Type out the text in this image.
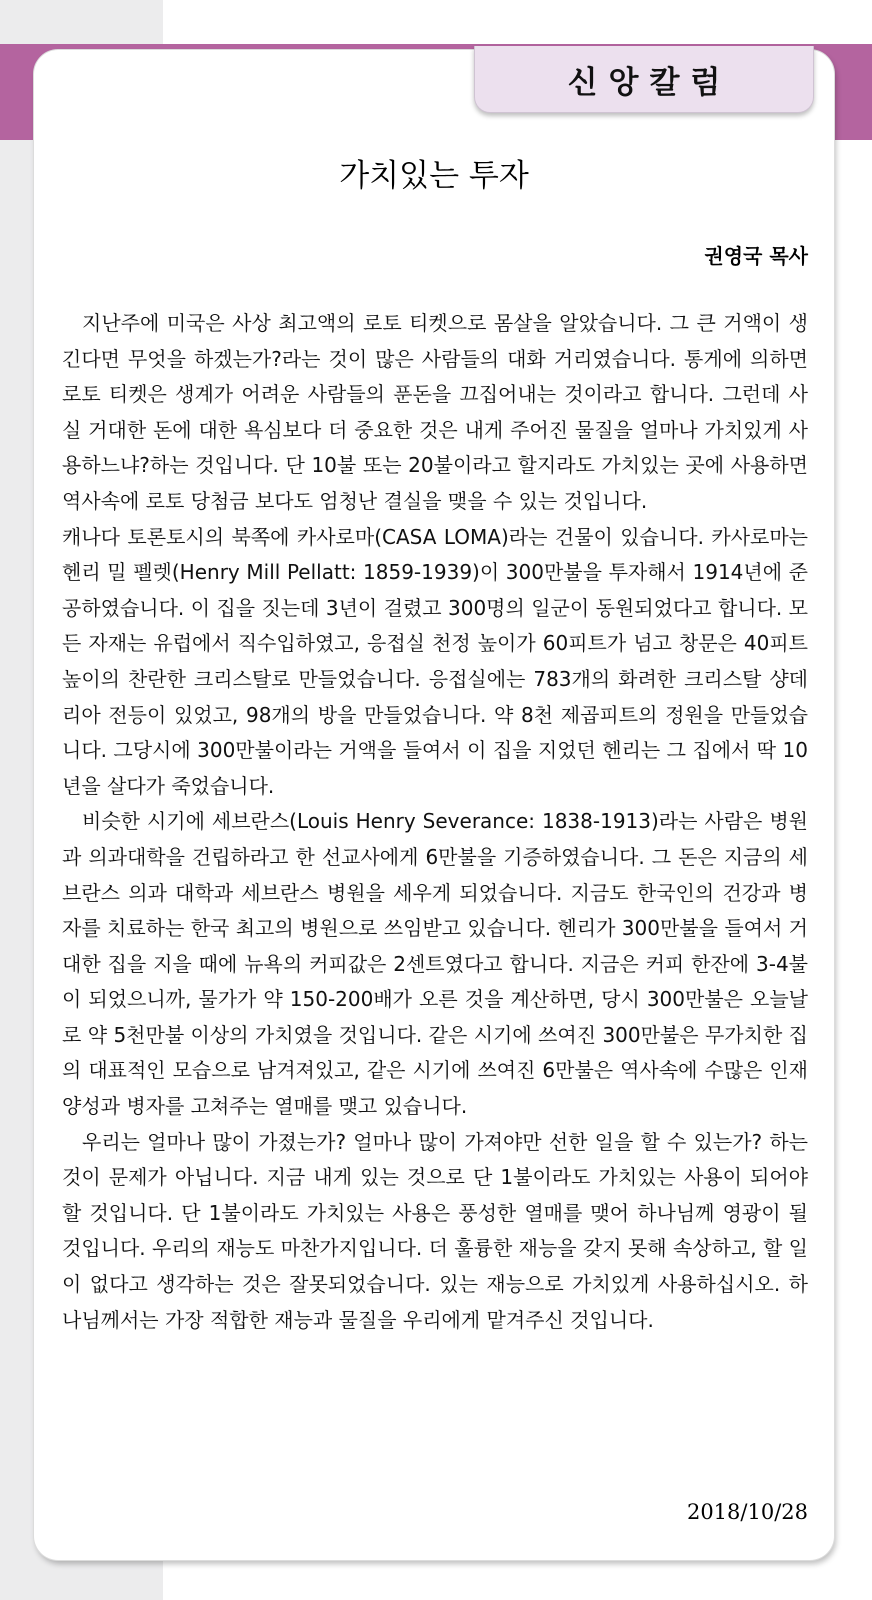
신앙칼럼
가치있는 투자
권영국 목사

지난주에 미국은 사상 최고액의 로토 티켓으로 몸살을 알았습니다. 그 큰 거액이 생긴다면 무엇을 하겠는가?라는 것이 많은 사람들의 대화 거리였습니다. 통게에 의하면 로토 티켓은 생계가 어려운 사람들의 푼돈을 끄집어내는 것이라고 합니다. 그런데 사실 거대한 돈에 대한 욕심보다 더 중요한 것은 내게 주어진 물질을 얼마나 가치있게 사용하느냐?하는 것입니다. 단 10불 또는 20불이라고 할지라도 가치있는 곳에 사용하면 역사속에 로토 당첨금 보다도 엄청난 결실을 맺을 수 있는 것입니다.

캐나다 토론토시의 북쪽에 카사로마(CASA LOMA)라는 건물이 있습니다. 카사로마는 헨리 밀 펠렛(Henry Mill Pellatt: 1859-1939)이 300만불을 투자해서 1914년에 준공하였습니다. 이 집을 짓는데 3년이 걸렸고 300명의 일군이 동원되었다고 합니다. 모든 자재는 유럽에서 직수입하였고, 응접실 천정 높이가 60피트가 넘고 창문은 40피트 높이의 찬란한 크리스탈로 만들었습니다. 응접실에는 783개의 화려한 크리스탈 샹데리아 전등이 있었고, 98개의 방을 만들었습니다. 약 8천 제곱피트의 정원을 만들었습니다. 그당시에 300만불이라는 거액을 들여서 이 집을 지었던 헨리는 그 집에서 딱 10년을 살다가 죽었습니다.

비슷한 시기에 세브란스(Louis Henry Severance: 1838-1913)라는 사람은 병원과 의과대학을 건립하라고 한 선교사에게 6만불을 기증하였습니다. 그 돈은 지금의 세브란스 의과 대학과 세브란스 병원을 세우게 되었습니다. 지금도 한국인의 건강과 병자를 치료하는 한국 최고의 병원으로 쓰임받고 있습니다. 헨리가 300만불을 들여서 거대한 집을 지을 때에 뉴욕의 커피값은 2센트였다고 합니다. 지금은 커피 한잔에 3-4불이 되었으니까, 물가가 약 150-200배가 오른 것을 계산하면, 당시 300만불은 오늘날로 약 5천만불 이상의 가치였을 것입니다. 같은 시기에 쓰여진 300만불은 무가치한 집의 대표적인 모습으로 남겨져있고, 같은 시기에 쓰여진 6만불은 역사속에 수많은 인재 양성과 병자를 고쳐주는 열매를 맺고 있습니다.

우리는 얼마나 많이 가졌는가? 얼마나 많이 가져야만 선한 일을 할 수 있는가? 하는 것이 문제가 아닙니다. 지금 내게 있는 것으로 단 1불이라도 가치있는 사용이 되어야 할 것입니다. 단 1불이라도 가치있는 사용은 풍성한 열매를 맺어 하나님께 영광이 될 것입니다. 우리의 재능도 마찬가지입니다. 더 훌륭한 재능을 갖지 못해 속상하고, 할 일이 없다고 생각하는 것은 잘못되었습니다. 있는 재능으로 가치있게 사용하십시오. 하나님께서는 가장 적합한 재능과 물질을 우리에게 맡겨주신 것입니다.

2018/10/28
